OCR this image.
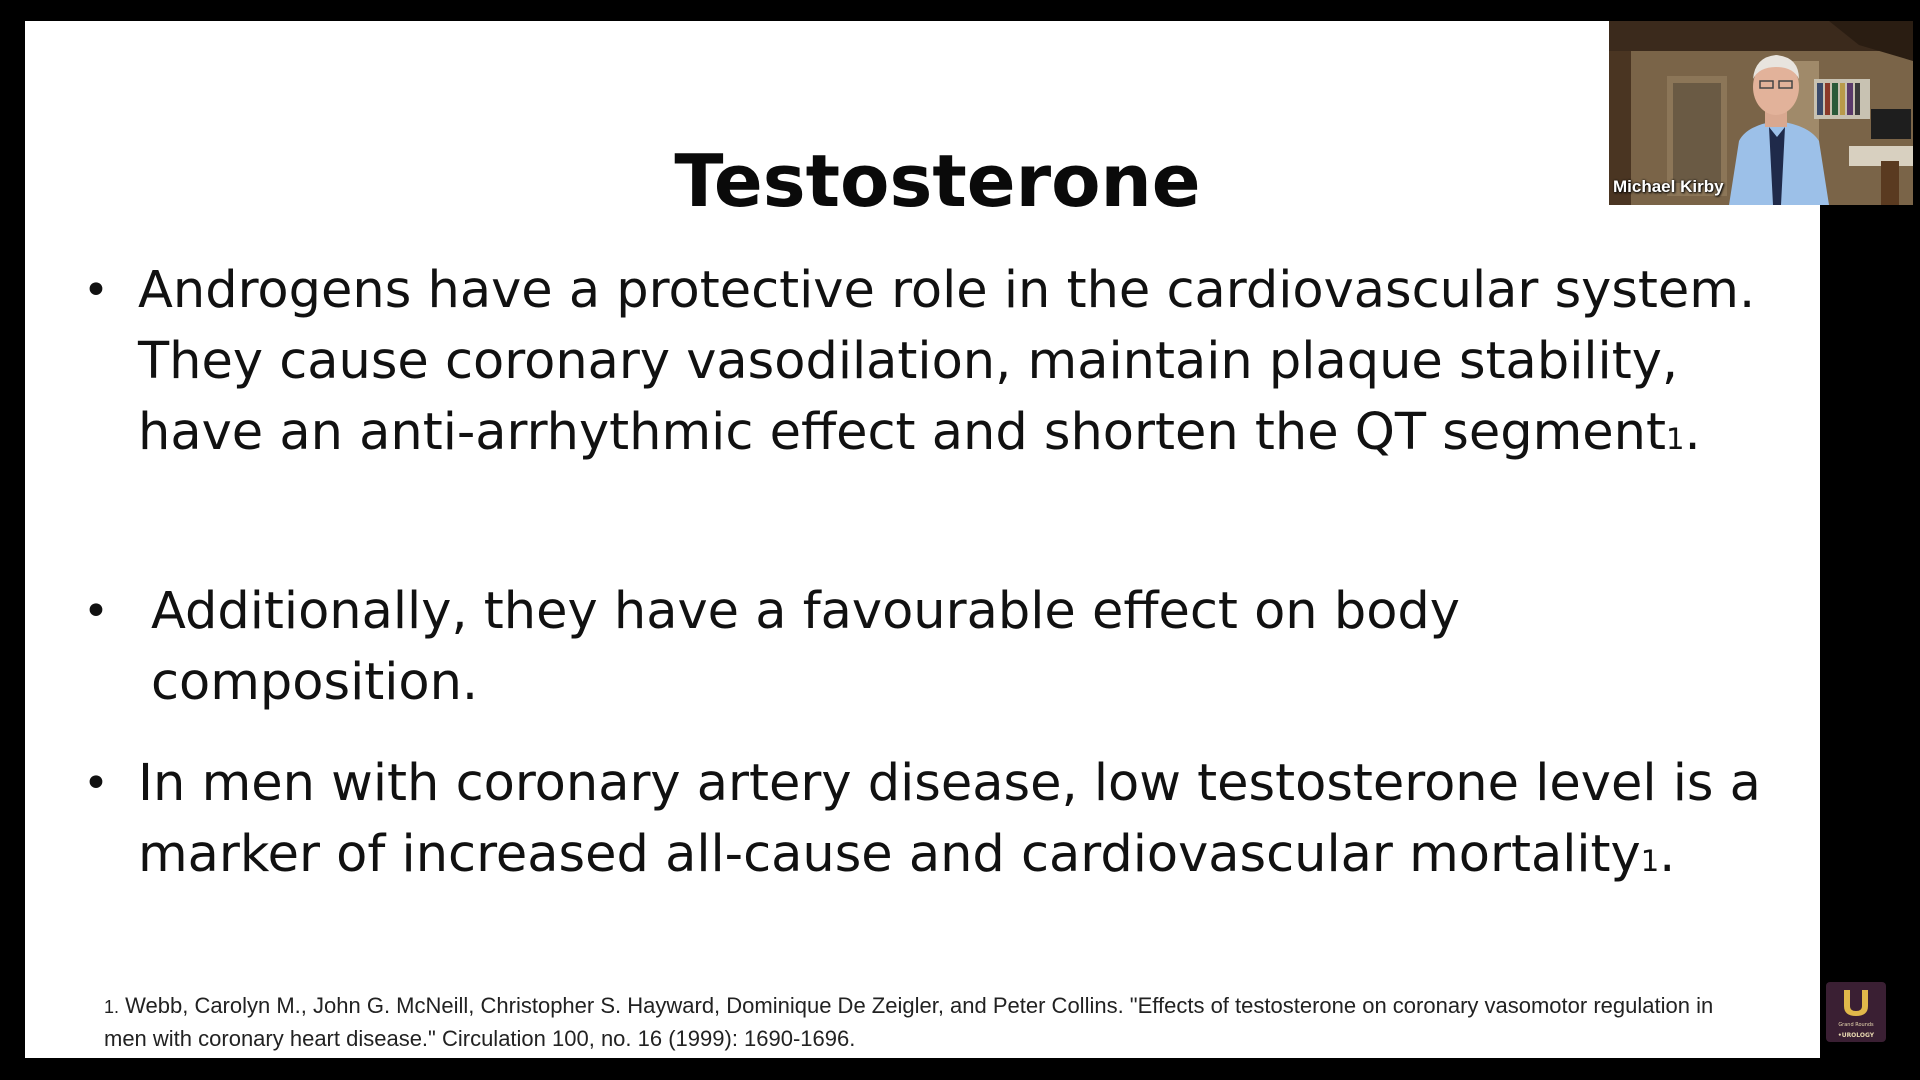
Testosterone
• Androgens have a protective role in the cardiovascular system. They cause coronary vasodilation, maintain plaque stability, have an anti-arrhythmic effect and shorten the QT segment1.
• Additionally, they have a favourable effect on body composition.
• In men with coronary artery disease, low testosterone level is a marker of increased all-cause and cardiovascular mortality1.
1. Webb, Carolyn M., John G. McNeill, Christopher S. Hayward, Dominique De Zeigler, and Peter Collins. "Effects of testosterone on coronary vasomotor regulation in men with coronary heart disease." Circulation 100, no. 16 (1999): 1690-1696.
Grand Rounds
•UROLOGY
Michael Kirby
